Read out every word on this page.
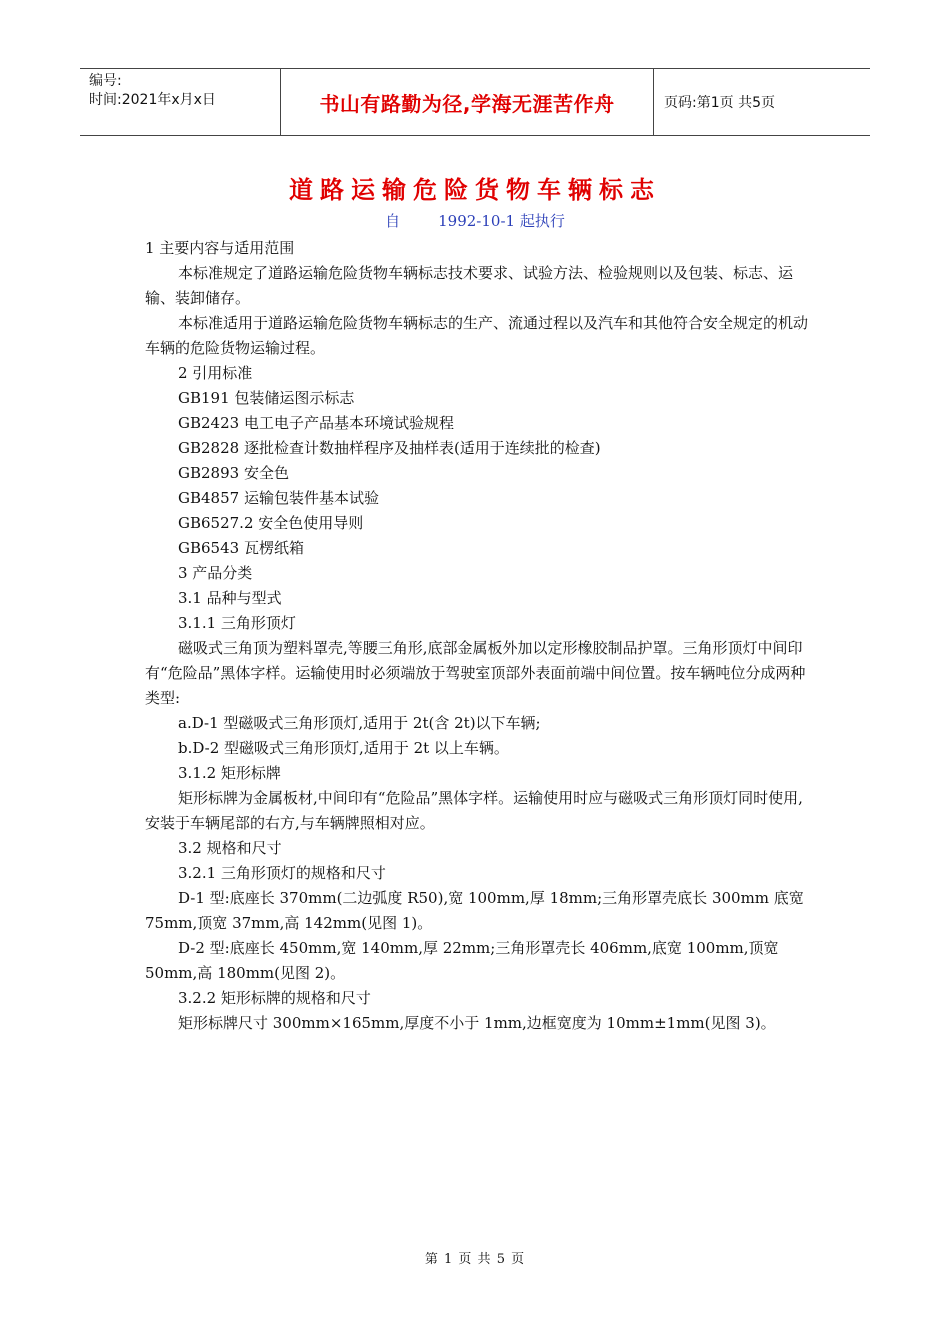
编号:
时间:2021年x月x日	书山有路勤为径,学海无涯苦作舟	页码:第1页 共5页
道路运输危险货物车辆标志
自	1992-10-1 起执行

1 主要内容与适用范围

本标准规定了道路运输危险货物车辆标志技术要求、试验方法、检验规则以及包装、标志、运输、装卸储存。

本标准适用于道路运输危险货物车辆标志的生产、流通过程以及汽车和其他符合安全规定的机动车辆的危险货物运输过程。

2 引用标准

GB191 包装储运图示标志

GB2423 电工电子产品基本环境试验规程

GB2828 逐批检查计数抽样程序及抽样表(适用于连续批的检查)

GB2893 安全色

GB4857 运输包装件基本试验

GB6527.2 安全色使用导则

GB6543 瓦楞纸箱

3 产品分类

3.1 品种与型式

3.1.1 三角形顶灯

磁吸式三角顶为塑料罩壳,等腰三角形,底部金属板外加以定形橡胶制品护罩。三角形顶灯中间印有“危险品”黑体字样。运输使用时必须端放于驾驶室顶部外表面前端中间位置。按车辆吨位分成两种类型:

a.D-1 型磁吸式三角形顶灯,适用于 2t(含 2t)以下车辆;

b.D-2 型磁吸式三角形顶灯,适用于 2t 以上车辆。

3.1.2 矩形标牌

矩形标牌为金属板材,中间印有“危险品”黑体字样。运输使用时应与磁吸式三角形顶灯同时使用,安装于车辆尾部的右方,与车辆牌照相对应。

3.2 规格和尺寸

3.2.1 三角形顶灯的规格和尺寸

D-1 型:底座长 370mm(二边弧度 R50),宽 100mm,厚 18mm;三角形罩壳底长 300mm 底宽 75mm,顶宽 37mm,高 142mm(见图 1)。

D-2 型:底座长 450mm,宽 140mm,厚 22mm;三角形罩壳长 406mm,底宽 100mm,顶宽 50mm,高 180mm(见图 2)。

3.2.2 矩形标牌的规格和尺寸

矩形标牌尺寸 300mm×165mm,厚度不小于 1mm,边框宽度为 10mm±1mm(见图 3)。

第 1 页 共 5 页
